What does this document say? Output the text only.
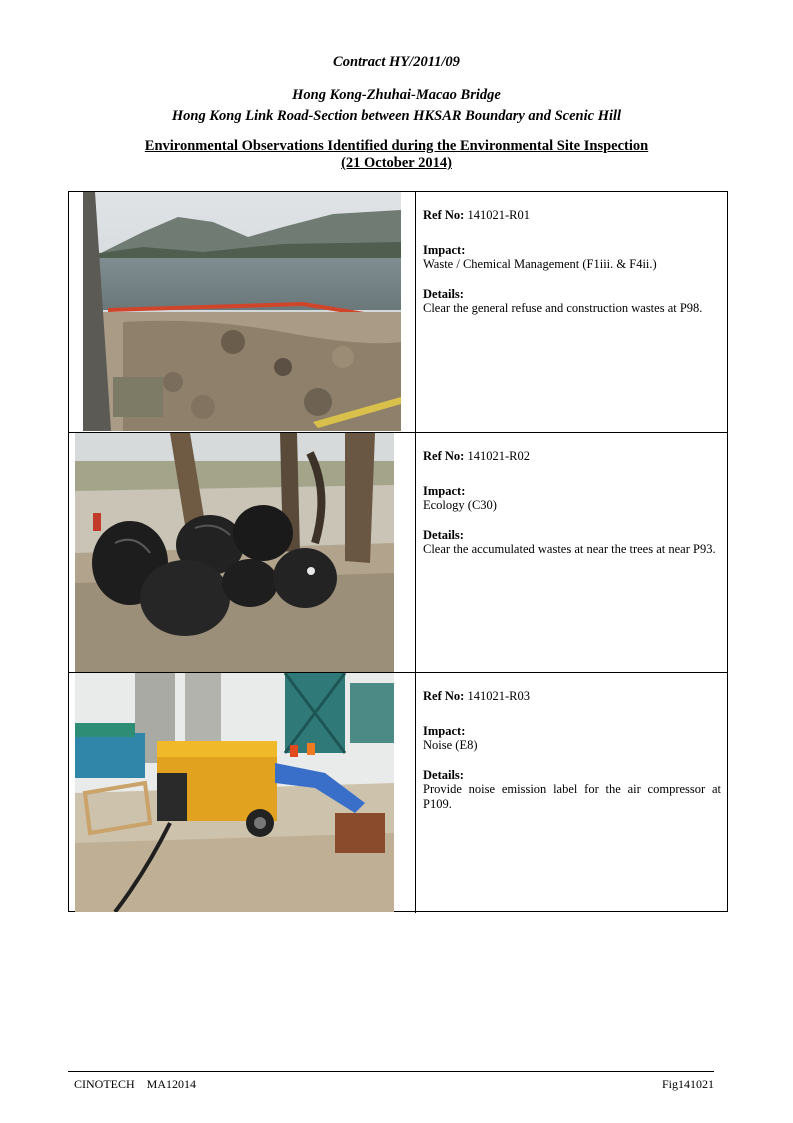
Contract HY/2011/09
Hong Kong-Zhuhai-Macao Bridge
Hong Kong Link Road-Section between HKSAR Boundary and Scenic Hill
Environmental Observations Identified during the Environmental Site Inspection
(21 October 2014)

Ref No: 141021-R01

Impact:

Waste / Chemical Management (F1iii. & F4ii.)

Details:

Clear the general refuse and construction wastes at P98.

Ref No: 141021-R02

Impact:

Ecology (C30)

Details:

Clear the accumulated wastes at near the trees at near P93.

Ref No: 141021-R03

Impact:

Noise (E8)

Details:

Provide noise emission label for the air compressor at P109.

CINOTECH    MA12014	Fig141021
